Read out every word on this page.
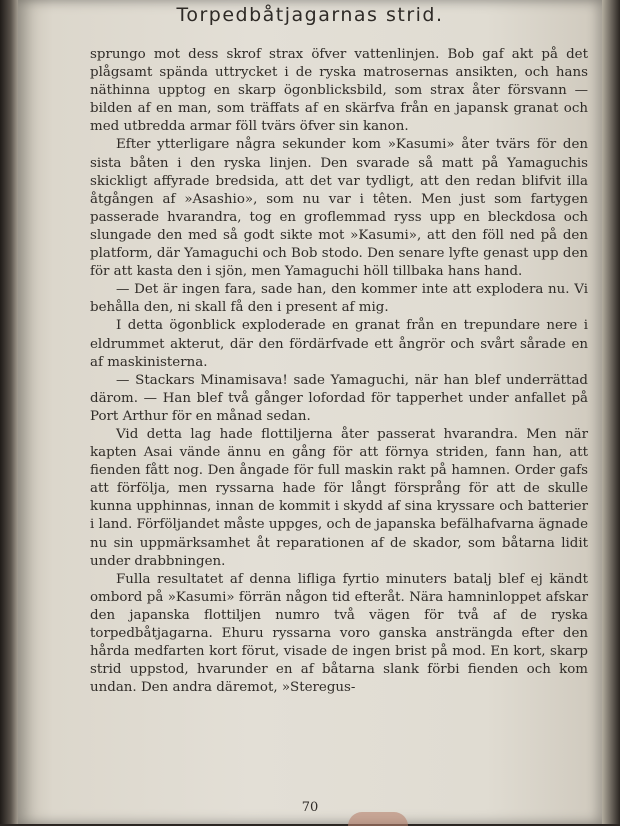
Torpedbåtjagarnas strid.

sprungo mot dess skrof strax öfver vattenlinjen. Bob gaf akt på det plågsamt spända uttrycket i de ryska matrosernas ansikten, och hans näthinna upptog en skarp ögonblicksbild, som strax åter försvann — bilden af en man, som träffats af en skärfva från en japansk granat och med utbredda armar föll tvärs öfver sin kanon.

Efter ytterligare några sekunder kom »Kasumi» åter tvärs för den sista båten i den ryska linjen. Den svarade så matt på Yamaguchis skickligt affyrade bredsida, att det var tydligt, att den redan blifvit illa åtgången af »Asashio», som nu var i têten. Men just som fartygen passerade hvarandra, tog en groflemmad ryss upp en bleckdosa och slungade den med så godt sikte mot »Kasumi», att den föll ned på den platform, där Yamaguchi och Bob stodo. Den senare lyfte genast upp den för att kasta den i sjön, men Yamaguchi höll tillbaka hans hand.

— Det är ingen fara, sade han, den kommer inte att explodera nu. Vi behålla den, ni skall få den i present af mig.

I detta ögonblick exploderade en granat från en trepundare nere i eldrummet akterut, där den fördärfvade ett ångrör och svårt sårade en af maskinisterna.

— Stackars Minamisava! sade Yamaguchi, när han blef underrättad därom. — Han blef två gånger lofordad för tapperhet under anfallet på Port Arthur för en månad sedan.

Vid detta lag hade flottiljerna åter passerat hvarandra. Men när kapten Asai vände ännu en gång för att förnya striden, fann han, att fienden fått nog. Den ångade för full maskin rakt på hamnen. Order gafs att förfölja, men ryssarna hade för långt försprång för att de skulle kunna upphinnas, innan de kommit i skydd af sina kryssare och batterier i land. Förföljandet måste uppges, och de japanska befälhafvarna ägnade nu sin uppmärksamhet åt reparationen af de skador, som båtarna lidit under drabbningen.

Fulla resultatet af denna lifliga fyrtio minuters batalj blef ej kändt ombord på »Kasumi» förrän någon tid efteråt. Nära hamninloppet afskar den japanska flottiljen numro två vägen för två af de ryska torpedbåtjagarna. Ehuru ryssarna voro ganska ansträngda efter den hårda medfarten kort förut, visade de ingen brist på mod. En kort, skarp strid uppstod, hvarunder en af båtarna slank förbi fienden och kom undan. Den andra däremot, »Steregus-

70
